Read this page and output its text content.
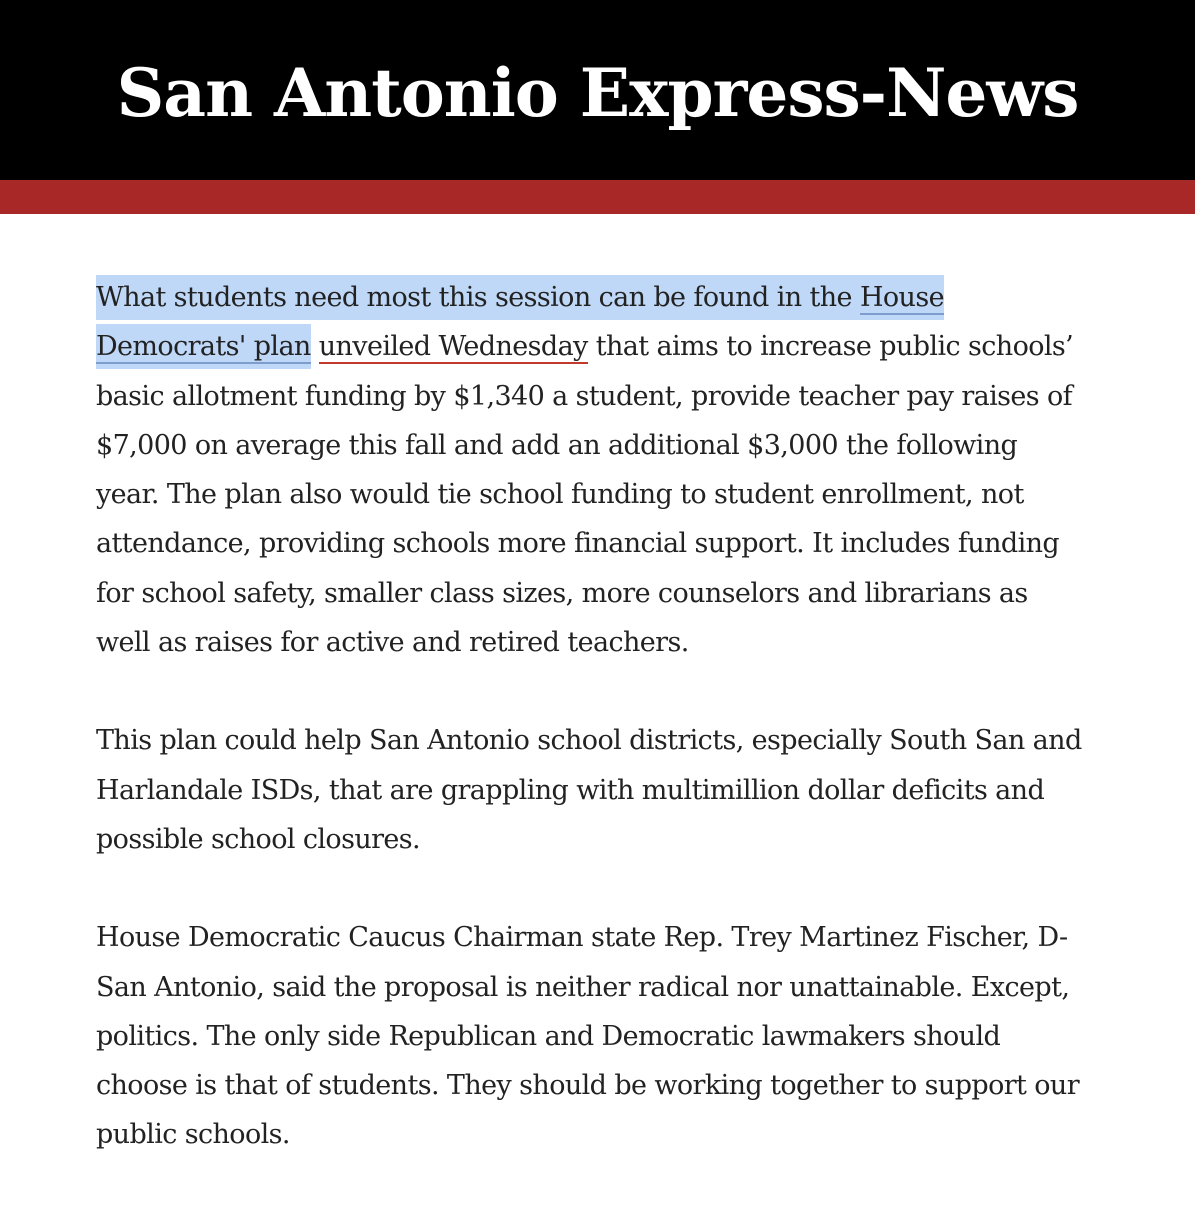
San Antonio Express-News

What students need most this session can be found in the House Democrats' plan unveiled Wednesday that aims to increase public schools’ basic allotment funding by $1,340 a student, provide teacher pay raises of $7,000 on average this fall and add an additional $3,000 the following year. The plan also would tie school funding to student enrollment, not attendance, providing schools more financial support. It includes funding for school safety, smaller class sizes, more counselors and librarians as well as raises for active and retired teachers.

This plan could help San Antonio school districts, especially South San and Harlandale ISDs, that are grappling with multimillion dollar deficits and possible school closures.

House Democratic Caucus Chairman state Rep. Trey Martinez Fischer, D-San Antonio, said the proposal is neither radical nor unattainable. Except, politics. The only side Republican and Democratic lawmakers should choose is that of students. They should be working together to support our public schools.
